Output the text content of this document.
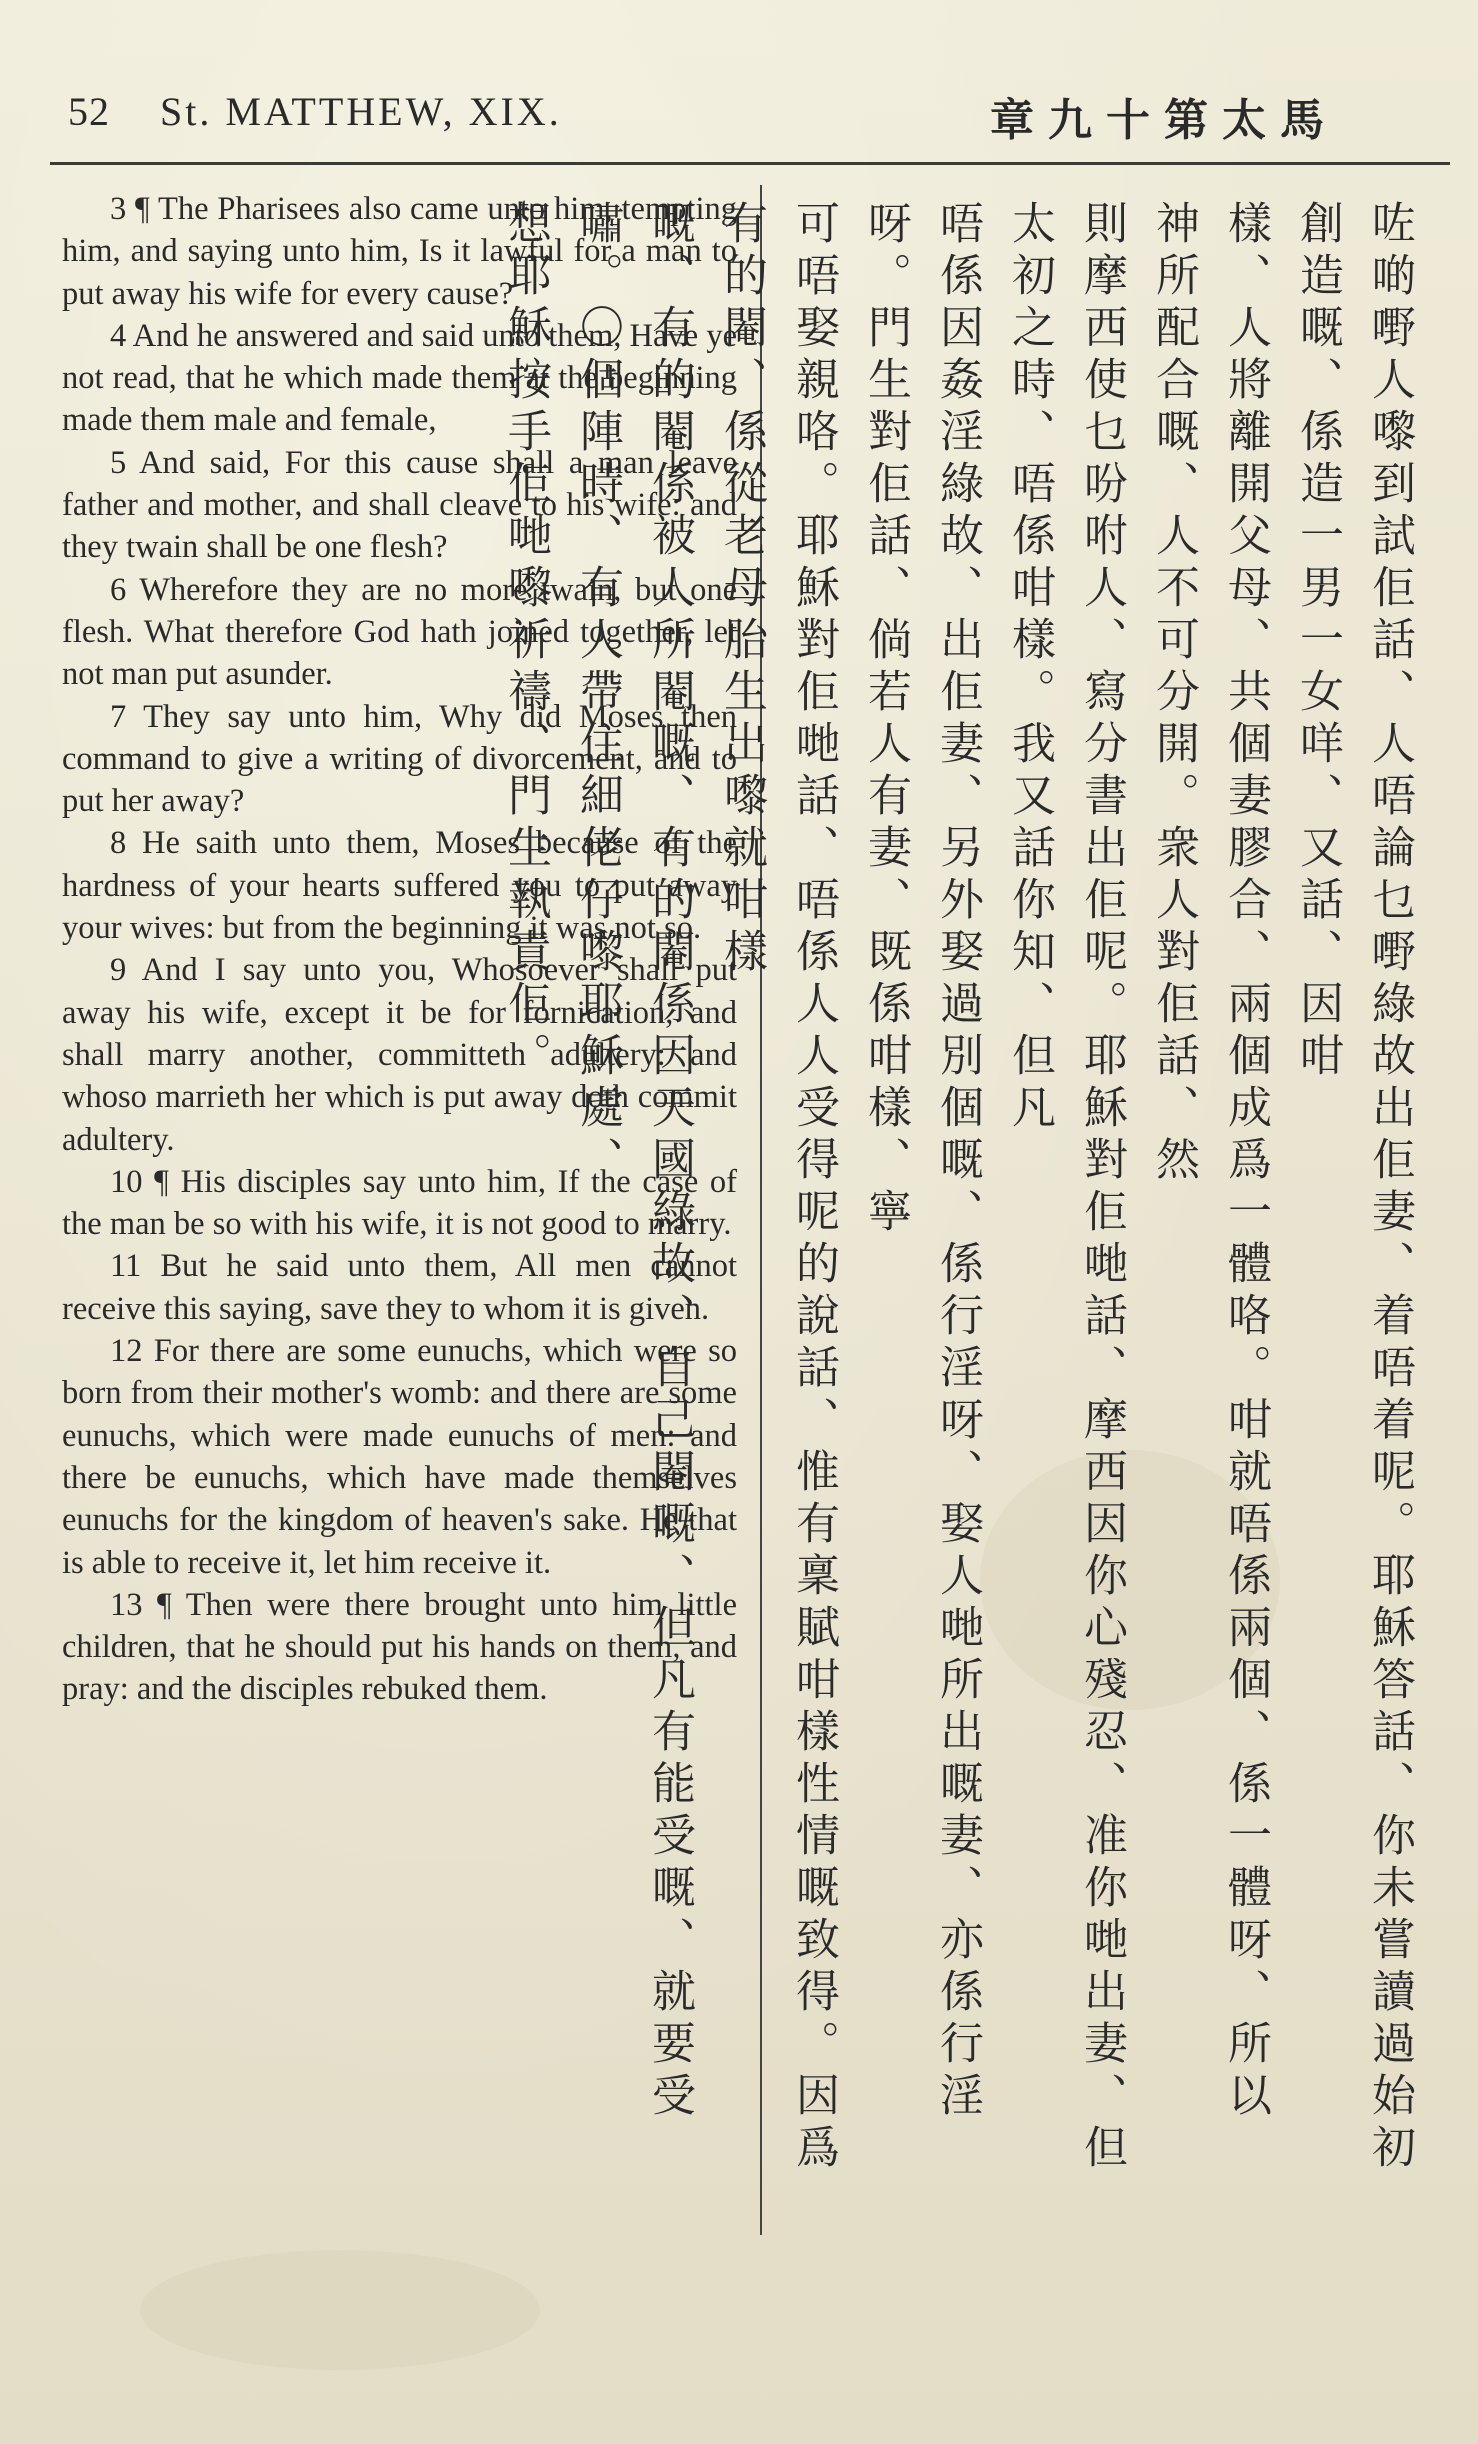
52 St. MATTHEW, XIX.	章九十第太馬

3 ¶ The Pharisees also came unto him, tempting him, and saying unto him, Is it lawful for a man to put away his wife for every cause?

4 And he answered and said unto them, Have ye not read, that he which made them at the beginning made them male and female,

5 And said, For this cause shall a man leave father and mother, and shall cleave to his wife: and they twain shall be one flesh?

6 Wherefore they are no more twain, but one flesh. What therefore God hath joined together, let not man put asunder.

7 They say unto him, Why did Moses then command to give a writing of divorcement, and to put her away?

8 He saith unto them, Moses because of the hardness of your hearts suffered you to put away your wives: but from the beginning it was not so.

9 And I say unto you, Whosoever shall put away his wife, except it be for fornication, and shall marry another, committeth adultery: and whoso marrieth her which is put away doth commit adultery.

10 ¶ His disciples say unto him, If the case of the man be so with his wife, it is not good to marry.

11 But he said unto them, All men cannot receive this saying, save they to whom it is given.

12 For there are some eunuchs, which were so born from their mother's womb: and there are some eunuchs, which were made eunuchs of men: and there be eunuchs, which have made themselves eunuchs for the kingdom of heaven's sake. He that is able to receive it, let him receive it.

13 ¶ Then were there brought unto him little children, that he should put his hands on them, and pray: and the disciples rebuked them.	咗啲嘢人嚟到試佢話、人唔論乜嘢綠故出佢妻、着唔着呢。耶穌答話、你未嘗讀過始初創造嘅、係造一男一女咩、又話、因咁
樣、人將離開父母、共個妻膠合、兩個成爲一體咯。咁就唔係兩個、係一體呀、所以 神所配合嘅、人不可分開。衆人對佢話、然
則摩西使乜吩咐人、寫分書出佢呢。耶穌對佢哋話、摩西因你心殘忍、准你哋出妻、但太初之時、唔係咁樣。我又話你知、但凡
唔係因姦淫綠故、出佢妻、另外娶過別個嘅、係行淫呀、娶人哋所出嘅妻、亦係行淫呀。門生對佢話、倘若人有妻、既係咁樣、寧
可唔娶親咯。耶穌對佢哋話、唔係人人受得呢的說話、惟有稟賦咁樣性情嘅致得。因爲有的閹、係從老母胎生出嚟就咁樣
嘅、有的閹係被人所閹嘅、有的閹係因天國綠故、自己閹嘅、但凡有能受嘅、就要受嘯。〇個陣時、有人帶住細佬仔嚟耶穌處、
想耶穌按手佢哋嚟祈禱、門生執責佢。
